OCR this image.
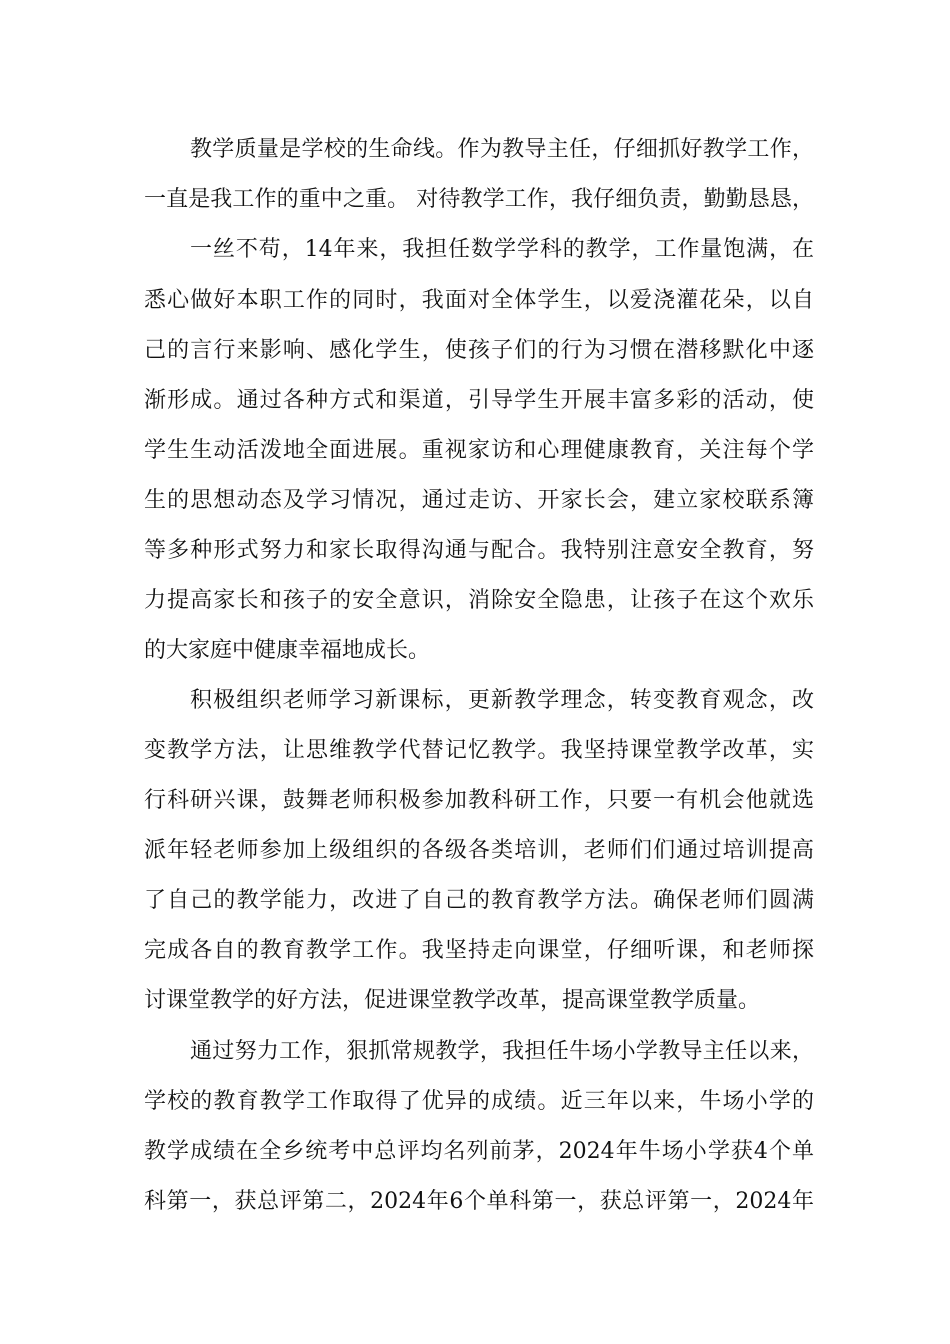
教学质量是学校的生命线。作为教导主任，仔细抓好教学工作，
一直是我工作的重中之重。 对待教学工作，我仔细负责，勤勤恳恳，
一丝不苟，14年来，我担任数学学科的教学，工作量饱满，在
悉心做好本职工作的同时，我面对全体学生，以爱浇灌花朵，以自
己的言行来影响、感化学生，使孩子们的行为习惯在潜移默化中逐
渐形成。通过各种方式和渠道，引导学生开展丰富多彩的活动，使
学生生动活泼地全面进展。重视家访和心理健康教育，关注每个学
生的思想动态及学习情况，通过走访、开家长会，建立家校联系簿
等多种形式努力和家长取得沟通与配合。我特别注意安全教育，努
力提高家长和孩子的安全意识，消除安全隐患，让孩子在这个欢乐
的大家庭中健康幸福地成长。
积极组织老师学习新课标，更新教学理念，转变教育观念，改
变教学方法，让思维教学代替记忆教学。我坚持课堂教学改革，实
行科研兴课，鼓舞老师积极参加教科研工作，只要一有机会他就选
派年轻老师参加上级组织的各级各类培训，老师们们通过培训提高
了自己的教学能力，改进了自己的教育教学方法。确保老师们圆满
完成各自的教育教学工作。我坚持走向课堂，仔细听课，和老师探
讨课堂教学的好方法，促进课堂教学改革，提高课堂教学质量。
通过努力工作，狠抓常规教学，我担任牛场小学教导主任以来，
学校的教育教学工作取得了优异的成绩。近三年以来，牛场小学的
教学成绩在全乡统考中总评均名列前茅，2024年牛场小学获4个单
科第一，获总评第二，2024年6个单科第一，获总评第一，2024年
